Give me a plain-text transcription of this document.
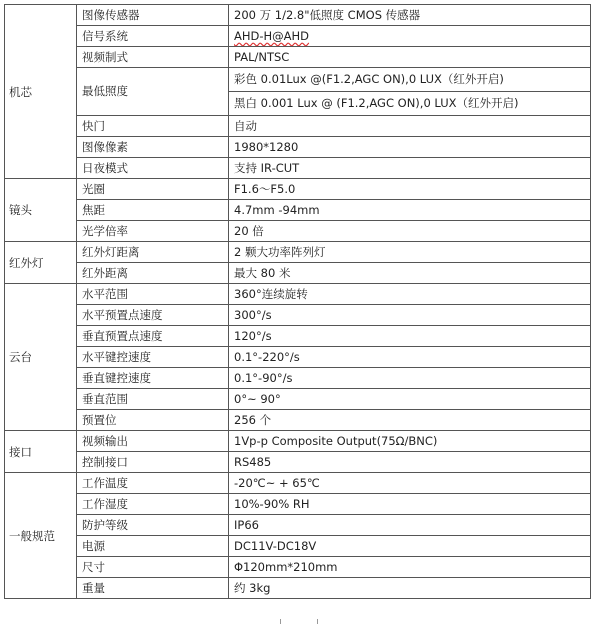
机芯	图像传感器	200 万 1/2.8"低照度 CMOS 传感器
	信号系统	AHD-H@AHD
	视频制式	PAL/NTSC
	最低照度	彩色 0.01Lux @(F1.2,AGC ON),0 LUX（红外开启)
		黑白 0.001 Lux @ (F1.2,AGC ON),0 LUX（红外开启)
	快门	自动
	图像像素	1980*1280
	日夜模式	支持 IR-CUT
镜头	光圈	F1.6～F5.0
	焦距	4.7mm -94mm
	光学倍率	20 倍
红外灯	红外灯距离	2 颗大功率阵列灯
	红外距离	最大 80 米
云台	水平范围	360°连续旋转
	水平预置点速度	300°/s
	垂直预置点速度	120°/s
	水平键控速度	0.1°-220°/s
	垂直键控速度	0.1°-90°/s
	垂直范围	0°~ 90°
	预置位	256 个
接口	视频输出	1Vp-p Composite Output(75Ω/BNC)
	控制接口	RS485
一般规范	工作温度	-20℃~ + 65℃
	工作湿度	10%-90% RH
	防护等级	IP66
	电源	DC11V-DC18V
	尺寸	Φ120mm*210mm
	重量	约 3kg
